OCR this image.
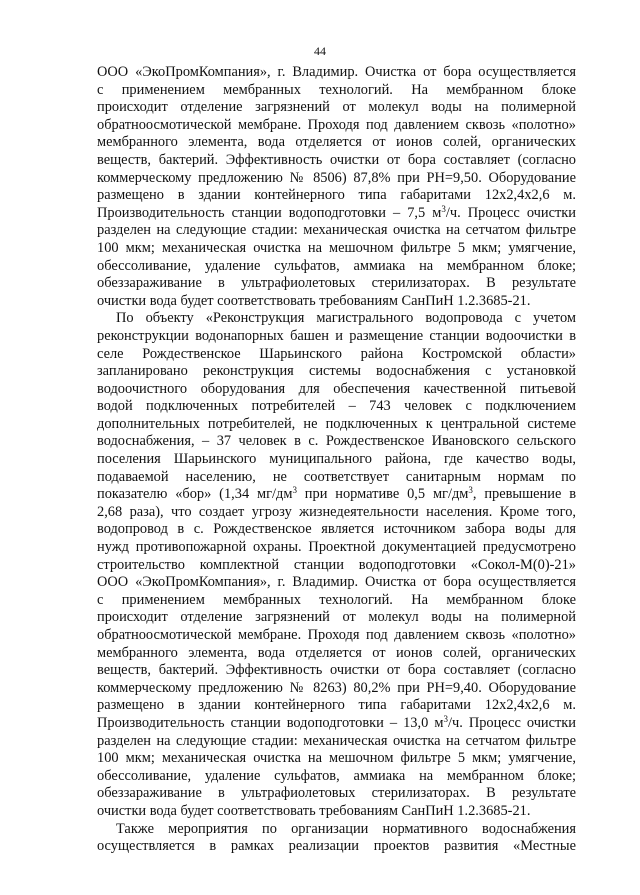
44
ООО «ЭкоПромКомпания», г. Владимир. Очистка от бора осуществляется
с применением мембранных технологий. На мембранном блоке
происходит отделение загрязнений от молекул воды на полимерной
обратноосмотической мембране. Проходя под давлением сквозь «полотно»
мембранного элемента, вода отделяется от ионов солей, органических
веществ, бактерий. Эффективность очистки от бора составляет (согласно
коммерческому предложению № 8506) 87,8% при РН=9,50. Оборудование
размещено в здании контейнерного типа габаритами 12х2,4х2,6 м.
Производительность станции водоподготовки – 7,5 $м^3/ч$. Процесс очистки
разделен на следующие стадии: механическая очистка на сетчатом фильтре
100 мкм; механическая очистка на мешочном фильтре 5 мкм; умягчение,
обессоливание, удаление сульфатов, аммиака на мембранном блоке;
обеззараживание в ультрафиолетовых стерилизаторах. В результате
очистки вода будет соответствовать требованиям СанПиН 1.2.3685-21.
По объекту «Реконструкция магистрального водопровода с учетом
реконструкции водонапорных башен и размещение станции водоочистки в
селе Рождественское Шарьинского района Костромской области»
запланировано реконструкция системы водоснабжения с установкой
водоочистного оборудования для обеспечения качественной питьевой
водой подключенных потребителей – 743 человек с подключением
дополнительных потребителей, не подключенных к центральной системе
водоснабжения, – 37 человек в с. Рождественское Ивановского сельского
поселения Шарьинского муниципального района, где качество воды,
подаваемой населению, не соответствует санитарным нормам по
показателю «бор» (1,34 $мг/дм^3$ при нормативе 0,5 $мг/дм^3$, превышение в
2,68 раза), что создает угрозу жизнедеятельности населения. Кроме того,
водопровод в с. Рождественское является источником забора воды для
нужд противопожарной охраны. Проектной документацией предусмотрено
строительство комплектной станции водоподготовки «Сокол-М(0)-21»
ООО «ЭкоПромКомпания», г. Владимир. Очистка от бора осуществляется
с применением мембранных технологий. На мембранном блоке
происходит отделение загрязнений от молекул воды на полимерной
обратноосмотической мембране. Проходя под давлением сквозь «полотно»
мембранного элемента, вода отделяется от ионов солей, органических
веществ, бактерий. Эффективность очистки от бора составляет (согласно
коммерческому предложению № 8263) 80,2% при РН=9,40. Оборудование
размещено в здании контейнерного типа габаритами 12х2,4х2,6 м.
Производительность станции водоподготовки – 13,0 $м^3/ч$. Процесс очистки
разделен на следующие стадии: механическая очистка на сетчатом фильтре
100 мкм; механическая очистка на мешочном фильтре 5 мкм; умягчение,
обессоливание, удаление сульфатов, аммиака на мембранном блоке;
обеззараживание в ультрафиолетовых стерилизаторах. В результате
очистки вода будет соответствовать требованиям СанПиН 1.2.3685-21.
Также мероприятия по организации нормативного водоснабжения
осуществляется в рамках реализации проектов развития «Местные
